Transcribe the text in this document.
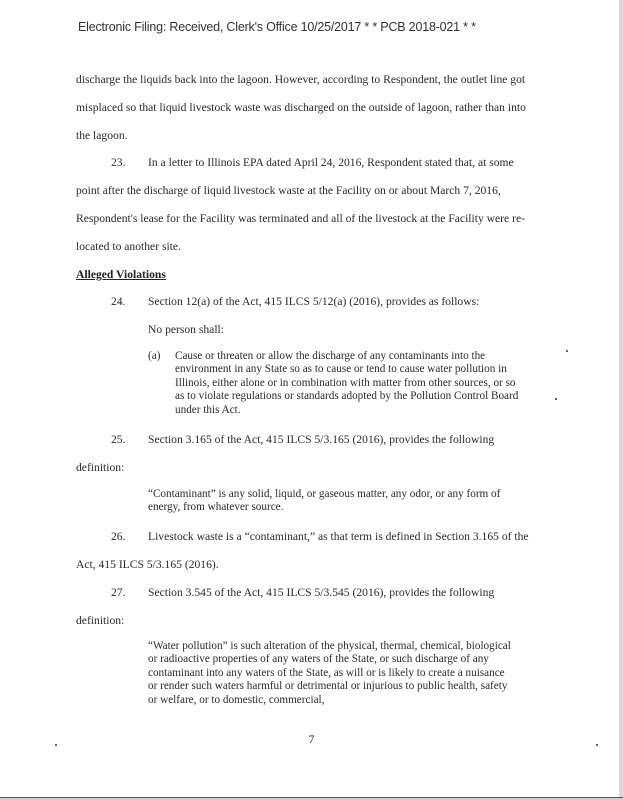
Electronic Filing: Received, Clerk's Office 10/25/2017 * * PCB 2018-021 * *
discharge the liquids back into the lagoon. However, according to Respondent, the outlet line got
misplaced so that liquid livestock waste was discharged on the outside of lagoon, rather than into
the lagoon.
23. In a letter to Illinois EPA dated April 24, 2016, Respondent stated that, at some
point after the discharge of liquid livestock waste at the Facility on or about March 7, 2016,
Respondent's lease for the Facility was terminated and all of the livestock at the Facility were re-
located to another site.
Alleged Violations
24. Section 12(a) of the Act, 415 ILCS 5/12(a) (2016), provides as follows:
No person shall:
(a) Cause or threaten or allow the discharge of any contaminants into the environment in any State so as to cause or tend to cause water pollution in Illinois, either alone or in combination with matter from other sources, or so as to violate regulations or standards adopted by the Pollution Control Board under this Act.
25. Section 3.165 of the Act, 415 ILCS 5/3.165 (2016), provides the following
definition:
“Contaminant” is any solid, liquid, or gaseous matter, any odor, or any form of energy, from whatever source.
26. Livestock waste is a “contaminant,” as that term is defined in Section 3.165 of the
Act, 415 ILCS 5/3.165 (2016).
27. Section 3.545 of the Act, 415 ILCS 5/3.545 (2016), provides the following
definition:
“Water pollution” is such alteration of the physical, thermal, chemical, biological or radioactive properties of any waters of the State, or such discharge of any contaminant into any waters of the State, as will or is likely to create a nuisance or render such waters harmful or detrimental or injurious to public health, safety or welfare, or to domestic, commercial,
7
